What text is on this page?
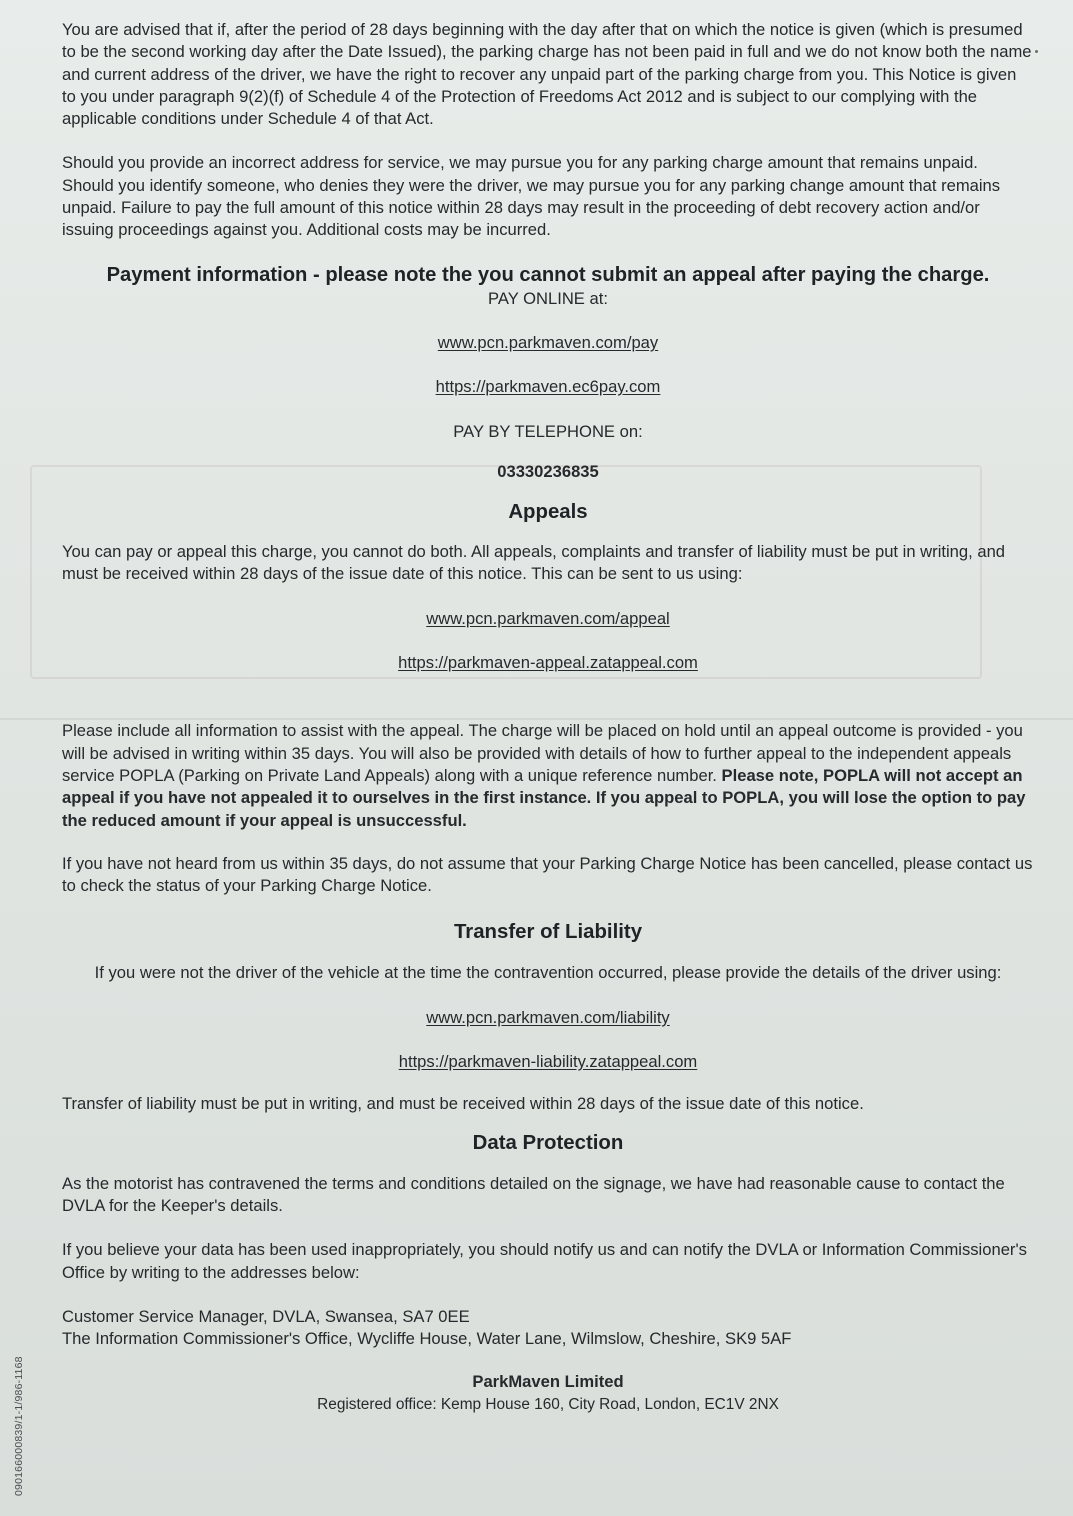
You are advised that if, after the period of 28 days beginning with the day after that on which the notice is given (which is presumed to be the second working day after the Date Issued), the parking charge has not been paid in full and we do not know both the name and current address of the driver, we have the right to recover any unpaid part of the parking charge from you. This Notice is given to you under paragraph 9(2)(f) of Schedule 4 of the Protection of Freedoms Act 2012 and is subject to our complying with the applicable conditions under Schedule 4 of that Act.

Should you provide an incorrect address for service, we may pursue you for any parking charge amount that remains unpaid. Should you identify someone, who denies they were the driver, we may pursue you for any parking change amount that remains unpaid. Failure to pay the full amount of this notice within 28 days may result in the proceeding of debt recovery action and/or issuing proceedings against you. Additional costs may be incurred.

Payment information - please note the you cannot submit an appeal after paying the charge.

PAY ONLINE at:

www.pcn.parkmaven.com/pay

https://parkmaven.ec6pay.com

PAY BY TELEPHONE on:

03330236835

Appeals

You can pay or appeal this charge, you cannot do both. All appeals, complaints and transfer of liability must be put in writing, and must be received within 28 days of the issue date of this notice. This can be sent to us using:

www.pcn.parkmaven.com/appeal

https://parkmaven-appeal.zatappeal.com

Please include all information to assist with the appeal. The charge will be placed on hold until an appeal outcome is provided - you will be advised in writing within 35 days. You will also be provided with details of how to further appeal to the independent appeals service POPLA (Parking on Private Land Appeals) along with a unique reference number. Please note, POPLA will not accept an appeal if you have not appealed it to ourselves in the first instance. If you appeal to POPLA, you will lose the option to pay the reduced amount if your appeal is unsuccessful.

If you have not heard from us within 35 days, do not assume that your Parking Charge Notice has been cancelled, please contact us to check the status of your Parking Charge Notice.

Transfer of Liability

If you were not the driver of the vehicle at the time the contravention occurred, please provide the details of the driver using:

www.pcn.parkmaven.com/liability

https://parkmaven-liability.zatappeal.com

Transfer of liability must be put in writing, and must be received within 28 days of the issue date of this notice.

Data Protection

As the motorist has contravened the terms and conditions detailed on the signage, we have had reasonable cause to contact the DVLA for the Keeper's details.

If you believe your data has been used inappropriately, you should notify us and can notify the DVLA or Information Commissioner's Office by writing to the addresses below:

Customer Service Manager, DVLA, Swansea, SA7 0EE

The Information Commissioner's Office, Wycliffe House, Water Lane, Wilmslow, Cheshire, SK9 5AF

ParkMaven Limited

Registered office: Kemp House 160, City Road, London, EC1V 2NX

090166000839/1-1/986-1168
